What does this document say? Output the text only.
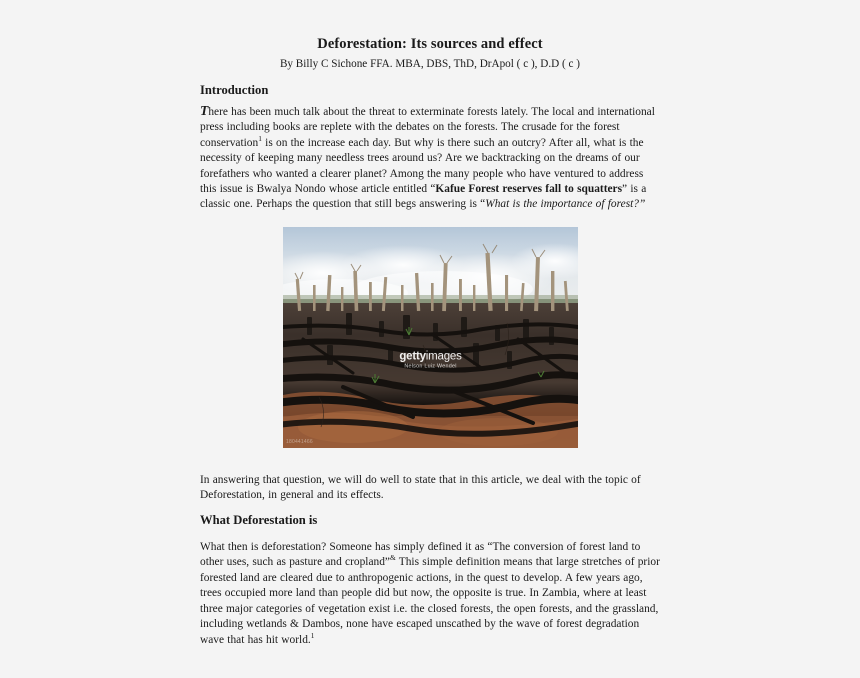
Deforestation: Its sources and effect
By Billy C Sichone FFA. MBA, DBS, ThD, DrApol ( c ), D.D ( c )
Introduction

There has been much talk about the threat to exterminate forests lately. The local and international press including books are replete with the debates on the forests. The crusade for the forest conservation$^1$ is on the increase each day. But why is there such an outcry? After all, what is the necessity of keeping many needless trees around us? Are we backtracking on the dreams of our forefathers who wanted a clearer planet? Among the many people who have ventured to address this issue is Bwalya Nondo whose article entitled “Kafue Forest reserves fall to squatters” is a classic one. Perhaps the question that still begs answering is “What is the importance of forest?”

gettyimages
Nelson Luiz Wendel
180441466

In answering that question, we will do well to state that in this article, we deal with the topic of Deforestation, in general and its effects.

What Deforestation is

What then is deforestation? Someone has simply defined it as “The conversion of forest land to other uses, such as pasture and cropland”& This simple definition means that large stretches of prior forested land are cleared due to anthropogenic actions, in the quest to develop. A few years ago, trees occupied more land than people did but now, the opposite is true. In Zambia, where at least three major categories of vegetation exist i.e. the closed forests, the open forests, and the grassland, including wetlands & Dambos, none have escaped unscathed by the wave of forest degradation wave that has hit world.$^1$
